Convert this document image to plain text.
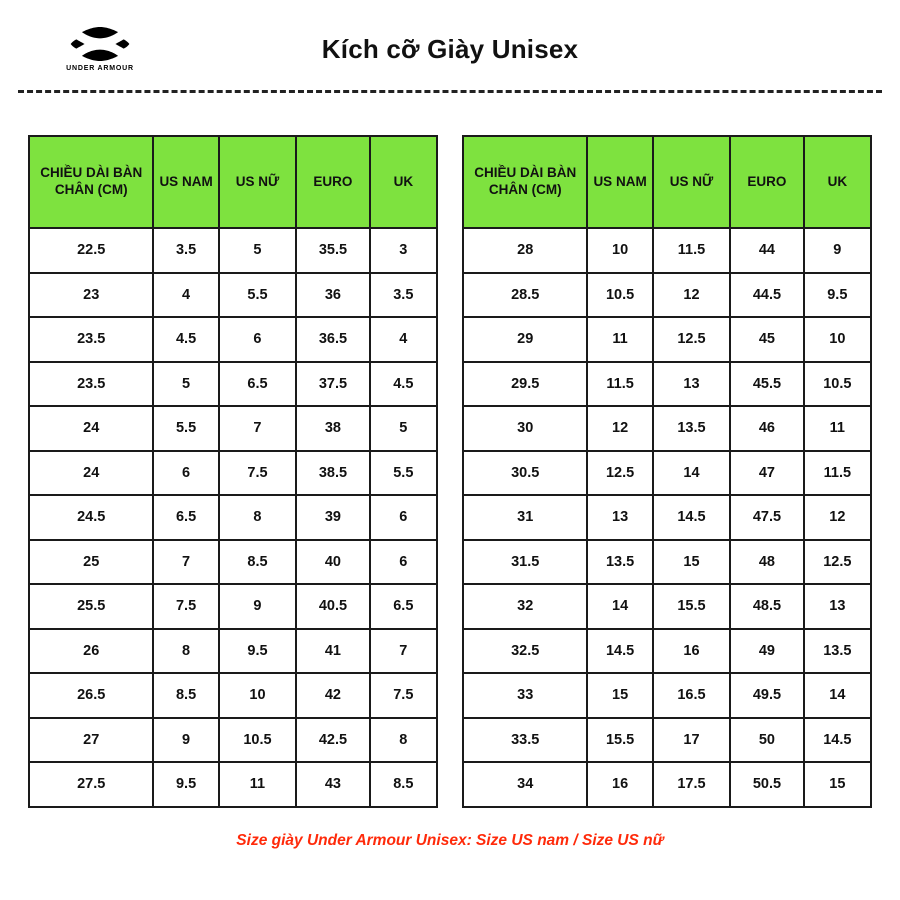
UNDER ARMOUR
Kích cỡ Giày Unisex
CHIỀU DÀI BÀN CHÂN (CM)	US NAM	US NỮ	EURO	UK
22.5	3.5	5	35.5	3
23	4	5.5	36	3.5
23.5	4.5	6	36.5	4
23.5	5	6.5	37.5	4.5
24	5.5	7	38	5
24	6	7.5	38.5	5.5
24.5	6.5	8	39	6
25	7	8.5	40	6
25.5	7.5	9	40.5	6.5
26	8	9.5	41	7
26.5	8.5	10	42	7.5
27	9	10.5	42.5	8
27.5	9.5	11	43	8.5
CHIỀU DÀI BÀN CHÂN (CM)	US NAM	US NỮ	EURO	UK
28	10	11.5	44	9
28.5	10.5	12	44.5	9.5
29	11	12.5	45	10
29.5	11.5	13	45.5	10.5
30	12	13.5	46	11
30.5	12.5	14	47	11.5
31	13	14.5	47.5	12
31.5	13.5	15	48	12.5
32	14	15.5	48.5	13
32.5	14.5	16	49	13.5
33	15	16.5	49.5	14
33.5	15.5	17	50	14.5
34	16	17.5	50.5	15
Size giày Under Armour Unisex: Size US nam / Size US nữ
